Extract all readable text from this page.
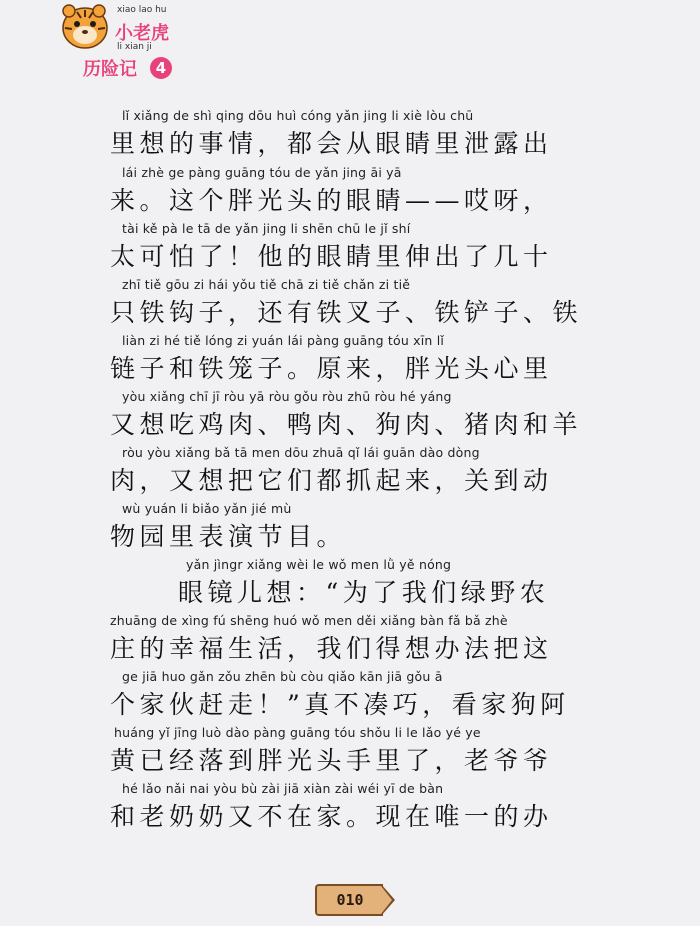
xiao lao hu
小老虎
li xian ji
历险记	4
lǐ xiǎng de shì qing dōu huì cóng yǎn jing li xiè lòu chū
里想的事情，都会从眼睛里泄露出
lái zhè ge pàng guāng tóu de yǎn jing āi yā
来。这个胖光头的眼睛——哎呀，
tài kě pà le tā de yǎn jing li shēn chū le jǐ shí
太可怕了！他的眼睛里伸出了几十
zhī tiě gōu zi hái yǒu tiě chā zi tiě chǎn zi tiě
只铁钩子，还有铁叉子、铁铲子、铁
liàn zi hé tiě lóng zi yuán lái pàng guāng tóu xīn lǐ
链子和铁笼子。原来，胖光头心里
yòu xiǎng chī jī ròu yā ròu gǒu ròu zhū ròu hé yáng
又想吃鸡肉、鸭肉、狗肉、猪肉和羊
ròu yòu xiǎng bǎ tā men dōu zhuā qǐ lái guān dào dòng
肉，又想把它们都抓起来，关到动
wù yuán li biǎo yǎn jié mù
物园里表演节目。
yǎn jìngr xiǎng wèi le wǒ men lǜ yě nóng
眼镜儿想：“为了我们绿野农
zhuāng de xìng fú shēng huó wǒ men děi xiǎng bàn fǎ bǎ zhè
庄的幸福生活，我们得想办法把这
ge jiā huo gǎn zǒu zhēn bù còu qiǎo kān jiā gǒu ā
个家伙赶走！”真不凑巧，看家狗阿
huáng yǐ jīng luò dào pàng guāng tóu shǒu li le lǎo yé ye
黄已经落到胖光头手里了，老爷爷
hé lǎo nǎi nai yòu bù zài jiā xiàn zài wéi yī de bàn
和老奶奶又不在家。现在唯一的办
010
